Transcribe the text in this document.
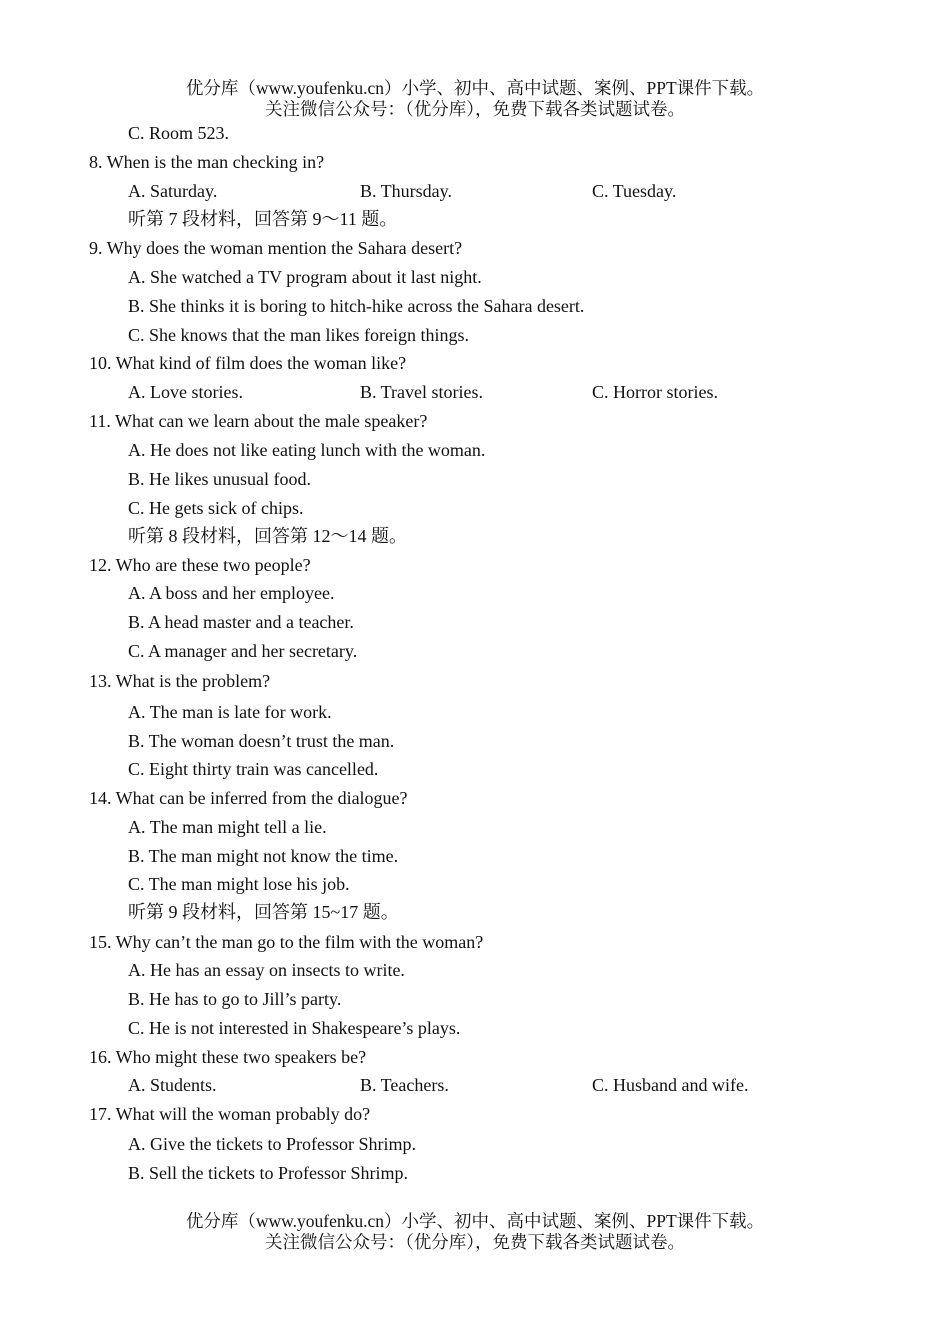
优分库（www.youfenku.cn）小学、初中、高中试题、案例、PPT课件下载。
关注微信公众号：（优分库），免费下载各类试题试卷。
C. Room 523.
8. When is the man checking in?
A. Saturday.	B. Thursday.	C. Tuesday.
听第 7 段材料，回答第 9～11 题。
9. Why does the woman mention the Sahara desert?
A. She watched a TV program about it last night.
B. She thinks it is boring to hitch-hike across the Sahara desert.
C. She knows that the man likes foreign things.
10. What kind of film does the woman like?
A. Love stories.	B. Travel stories.	C. Horror stories.
11. What can we learn about the male speaker?
A. He does not like eating lunch with the woman.
B. He likes unusual food.
C. He gets sick of chips.
听第 8 段材料，回答第 12～14 题。
12. Who are these two people?
A. A boss and her employee.
B. A head master and a teacher.
C. A manager and her secretary.
13. What is the problem?
A. The man is late for work.
B. The woman doesn’t trust the man.
C. Eight thirty train was cancelled.
14. What can be inferred from the dialogue?
A. The man might tell a lie.
B. The man might not know the time.
C. The man might lose his job.
听第 9 段材料，回答第 15~17 题。
15. Why can’t the man go to the film with the woman?
A. He has an essay on insects to write.
B. He has to go to Jill’s party.
C. He is not interested in Shakespeare’s plays.
16. Who might these two speakers be?
A. Students.	B. Teachers.	C. Husband and wife.
17. What will the woman probably do?
A. Give the tickets to Professor Shrimp.
B. Sell the tickets to Professor Shrimp.
优分库（www.youfenku.cn）小学、初中、高中试题、案例、PPT课件下载。
关注微信公众号：（优分库），免费下载各类试题试卷。
